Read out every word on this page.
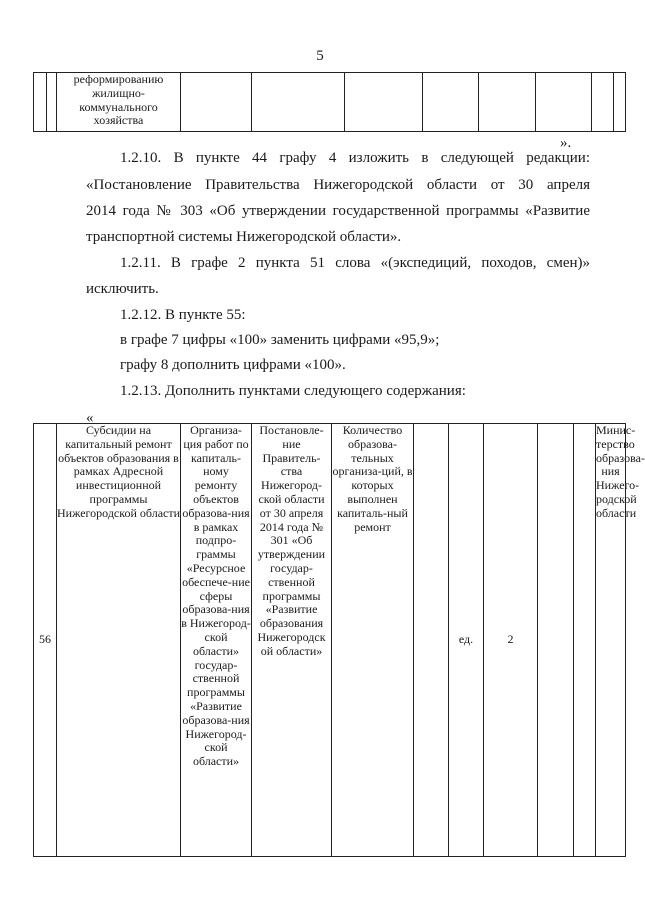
5
		реформированию жилищно-коммунального хозяйства								
».

1.2.10. В пункте 44 графу 4 изложить в следующей редакции:

«Постановление Правительства Нижегородской области от 30 апреля

2014 года № 303 «Об утверждении государственной программы «Развитие

транспортной системы Нижегородской области».

1.2.11. В графе 2 пункта 51 слова «(экспедиций, походов, смен)»

исключить.

1.2.12. В пункте 55:

в графе 7 цифры «100» заменить цифрами «95,9»;

графу 8 дополнить цифрами «100».

1.2.13. Дополнить пунктами следующего содержания:

«
56	Субсидии на капитальный ремонт объектов образования в рамках Адресной инвестиционной программы Нижегородской области	Организа-ция работ по капиталь-ному ремонту объектов образова-ния в рамках подпро-граммы «Ресурсное обеспече-ние сферы образова-ния в Нижегород-ской области» государ-ственной программы «Развитие образова-ния Нижегород-ской области»	Постановле-ние Правитель-ства Нижегород-ской области от 30 апреля 2014 года № 301 «Об утверждении государ-ственной программы «Развитие образования Нижегородск ой области»	Количество образова-тельных организа-ций, в которых выполнен капиталь-ный ремонт		ед.	2			Минис-терство образова-ния Нижего-родской области
